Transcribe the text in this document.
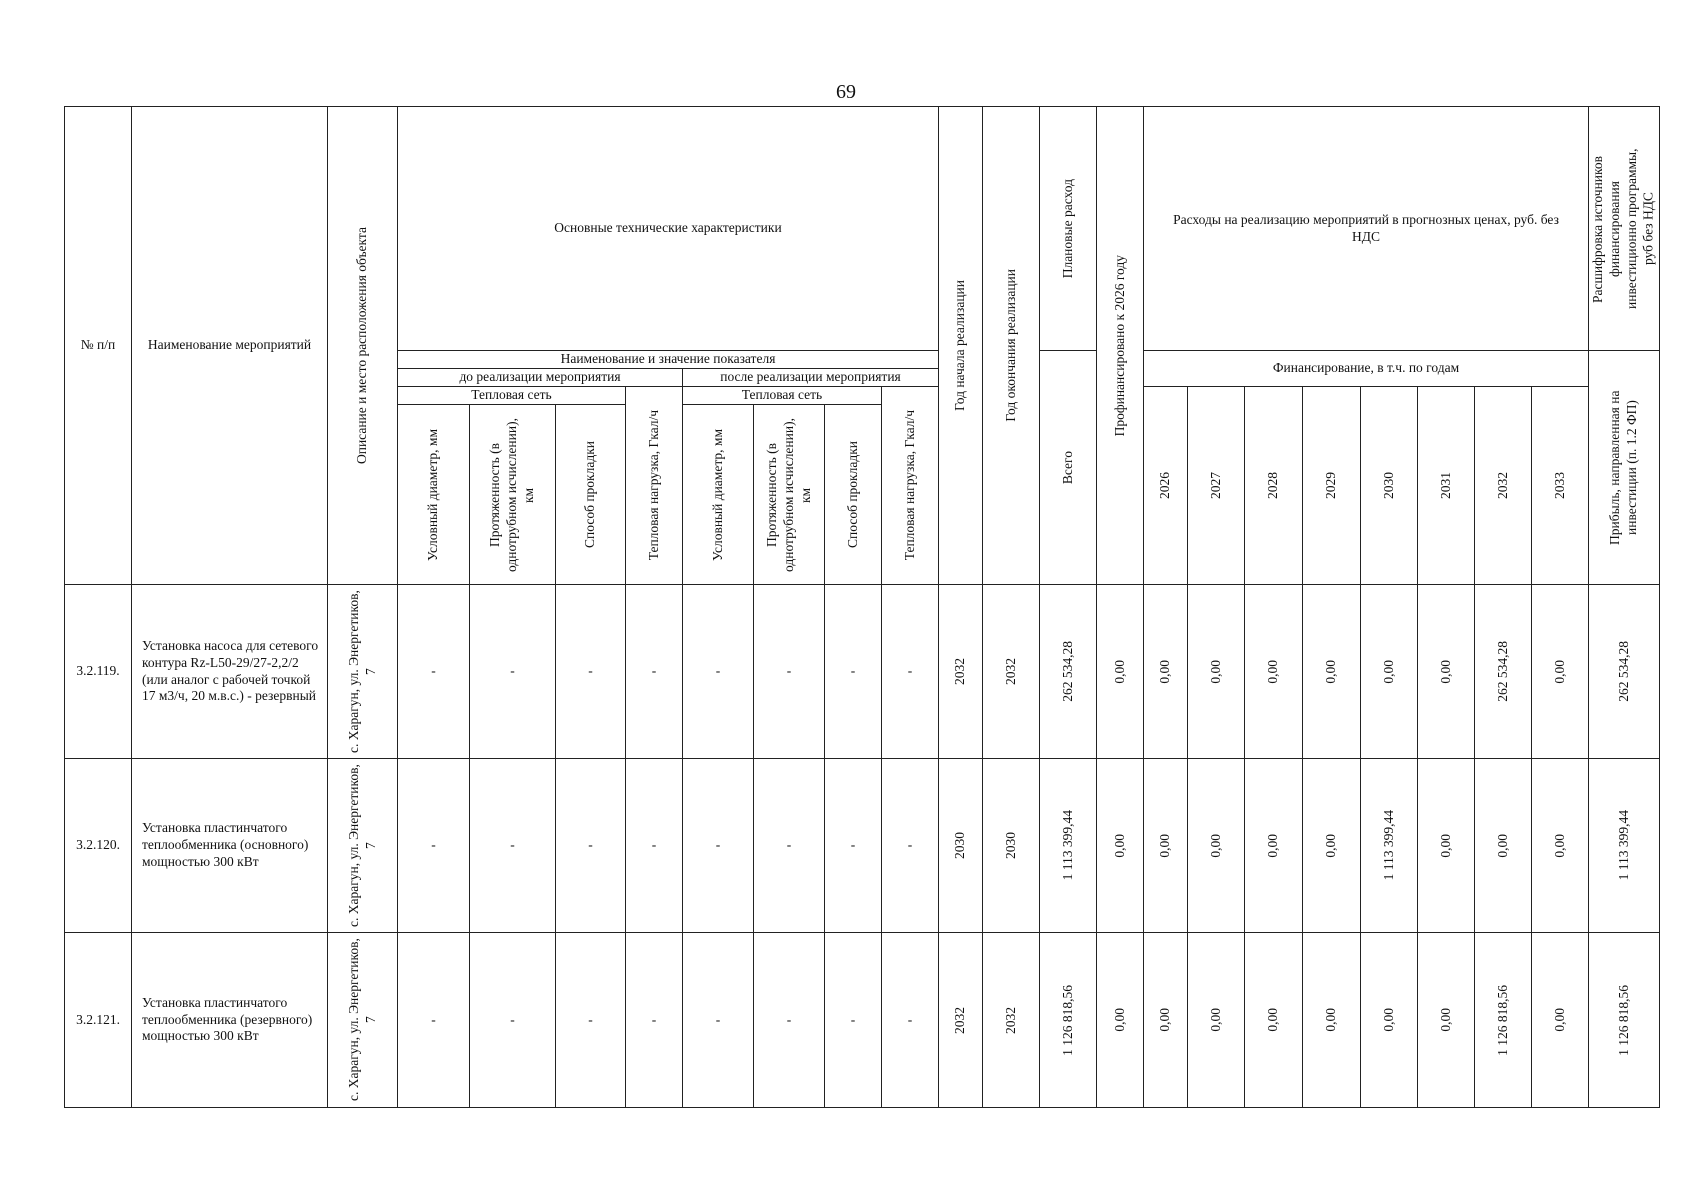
69
№ п/п	Наименование мероприятий	Описание и место расположения объекта	Основные технические характеристики								Год начала реализации	Год окончания реализации	Плановые расход	Профинансировано к 2026 году	Расходы на реализацию мероприятий в прогнозных ценах, руб. без НДС								Расшифровка источников финансирования инвестиционно программы, руб без НДС

			Наименование и значение показателя										Всего		Финансирование, в т.ч. по годам								Прибыль, направленная на инвестиции (п. 1.2 ФП)

			до реализации мероприятия				после реализации мероприятия																
			Тепловая сеть			Тепловая нагрузка, Гкал/ч	Тепловая сеть			Тепловая нагрузка, Гкал/ч					2026	2027	2028	2029	2030	2031	2032	2033	

			Условный диаметр, мм	Протяженность (в однотрубном исчислении), км	Способ прокладки		Условный диаметр, мм	Протяженность (в однотрубном исчислении), км	Способ прокладки														

3.2.119.	Установка насоса для сетевого контура Rz-L50-29/27-2,2/2 (или аналог с рабочей точкой 17 м3/ч, 20 м.в.с.) - резервный	с. Харагун, ул. Энергетиков, 7	-	-	-	-	-	-	-	-	2032	2032	262 534,28	0,00	0,00	0,00	0,00	0,00	0,00	0,00	262 534,28	0,00	262 534,28

3.2.120.	Установка пластинчатого теплообменника (основного) мощностью 300 кВт	с. Харагун, ул. Энергетиков, 7	-	-	-	-	-	-	-	-	2030	2030	1 113 399,44	0,00	0,00	0,00	0,00	0,00	1 113 399,44	0,00	0,00	0,00	1 113 399,44

3.2.121.	Установка пластинчатого теплообменника (резервного) мощностью 300 кВт	с. Харагун, ул. Энергетиков, 7	-	-	-	-	-	-	-	-	2032	2032	1 126 818,56	0,00	0,00	0,00	0,00	0,00	0,00	0,00	1 126 818,56	0,00	1 126 818,56
